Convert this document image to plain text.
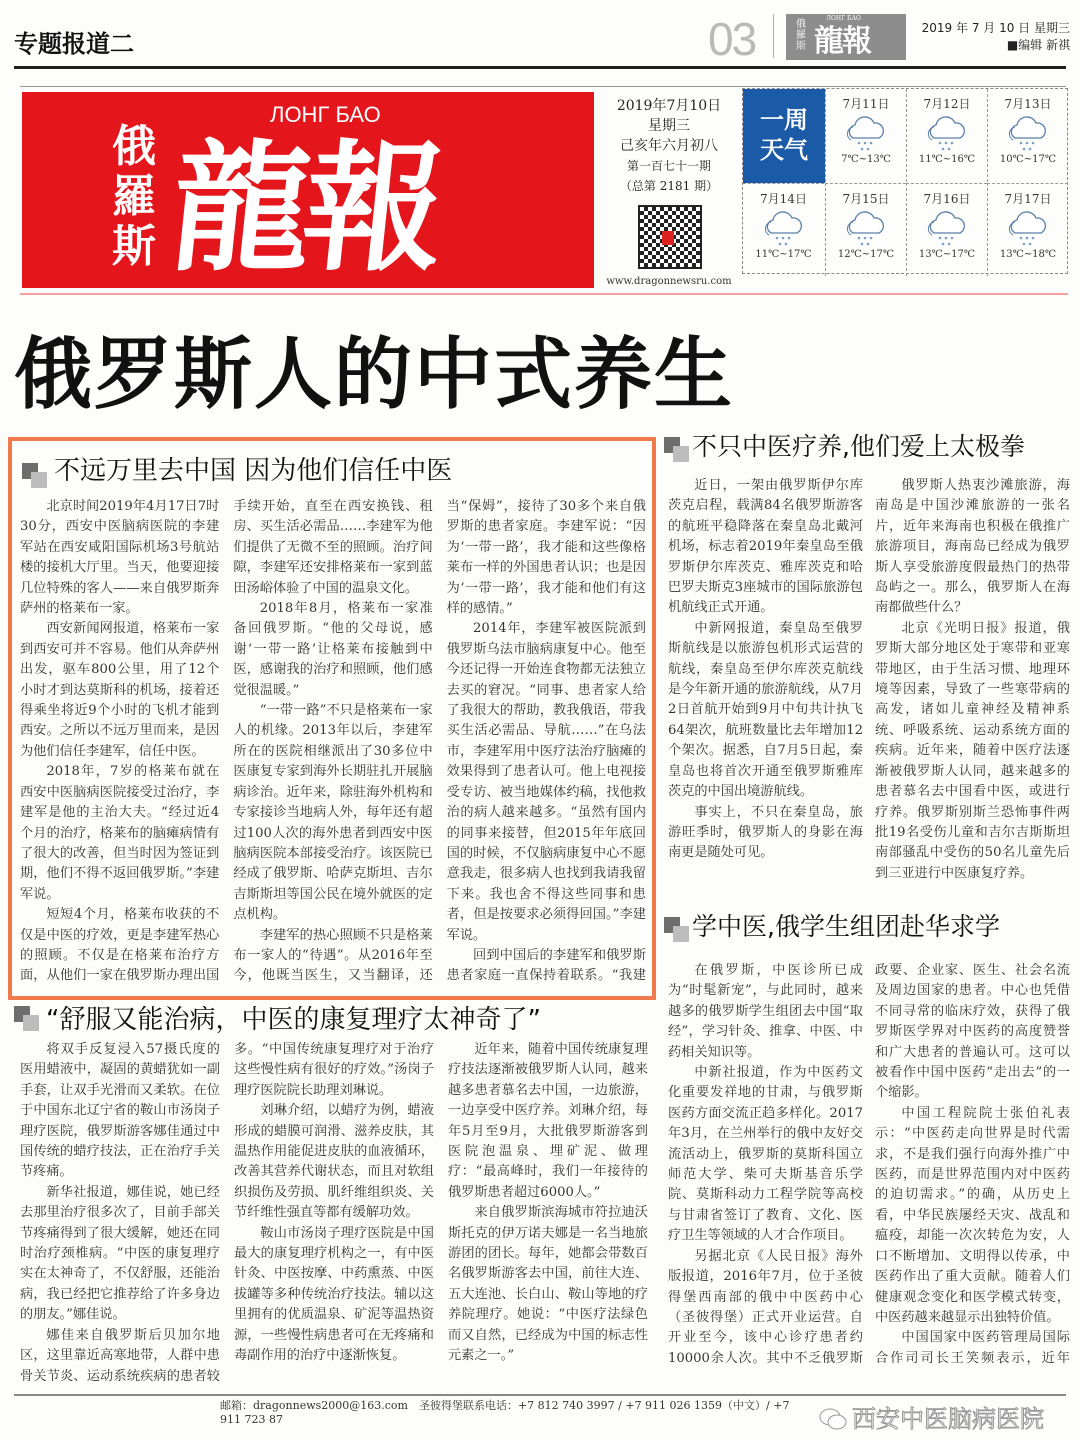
专题报道二	03	俄羅斯
ЛОНГ БАО
龍報	2019 年 7 月 10 日 星期三
■编辑 新祺
俄羅斯 龍報
ЛОНГ БАО	2019年7月10日
星期三
己亥年六月初八
第一百七十一期
（总第 2181 期）
www.dragonnewsru.com
一周
天气
7月11日
7℃~13℃
7月12日
11℃~16℃
7月13日
10℃~17℃
7月14日
11℃~17℃
7月15日
12℃~17℃
7月16日
13℃~17℃
7月17日
13℃~18℃
俄罗斯人的中式养生
不远万里去中国 因为他们信任中医

北京时间2019年4月17日7时30分，西安中医脑病医院的李建军站在西安咸阳国际机场3号航站楼的接机大厅里。当天，他要迎接几位特殊的客人——来自俄罗斯奔萨州的格莱布一家。

西安新闻网报道，格莱布一家到西安可并不容易。他们从奔萨州出发，驱车800公里，用了12个小时才到达莫斯科的机场，接着还得乘坐将近9个小时的飞机才能到西安。之所以不远万里而来，是因为他们信任李建军，信任中医。

2018年，7岁的格莱布就在西安中医脑病医院接受过治疗，李建军是他的主治大夫。“经过近4个月的治疗，格莱布的脑瘫病情有了很大的改善，但当时因为签证到期，他们不得不返回俄罗斯。”李建军说。

短短4个月，格莱布收获的不仅是中医的疗效，更是李建军热心的照顾。不仅是在格莱布治疗方面，从他们一家在俄罗斯办理出国手续开始，直至在西安换钱、租房、买生活必需品……李建军为他们提供了无微不至的照顾。治疗间隙，李建军还安排格莱布一家到蓝田汤峪体验了中国的温泉文化。

2018年8月，格莱布一家准备回俄罗斯。“他的父母说，感谢‘一带一路’让格莱布接触到中医，感谢我的治疗和照顾，他们感觉很温暖。”

“一带一路”不只是格莱布一家人的机缘。2013年以后，李建军所在的医院相继派出了30多位中医康复专家到海外长期驻扎开展脑病诊治。近年来，除驻海外机构和专家接诊当地病人外，每年还有超过100人次的海外患者到西安中医脑病医院本部接受治疗。该医院已经成了俄罗斯、哈萨克斯坦、吉尔吉斯斯坦等国公民在境外就医的定点机构。

李建军的热心照顾不只是格莱布一家人的“待遇”。从2016年至今，他既当医生，又当翻译，还当“保姆”，接待了30多个来自俄罗斯的患者家庭。李建军说：“因为‘一带一路’，我才能和这些像格莱布一样的外国患者认识；也是因为‘一带一路’，我才能和他们有这样的感情。”

2014年，李建军被医院派到俄罗斯乌法市脑病康复中心。他至今还记得一开始连食物都无法独立去买的窘况。“同事、患者家人给了我很大的帮助，教我俄语，带我买生活必需品、导航……”在乌法市，李建军用中医疗法治疗脑瘫的效果得到了患者认可。他上电视接受专访、被当地媒体约稿，找他救治的病人越来越多。“虽然有国内的同事来接替，但2015年年底回国的时候，不仅脑病康复中心不愿意我走，很多病人也找到我请我留下来。我也舍不得这些同事和患者，但是按要求必须得回国。”李建军说。

回到中国后的李建军和俄罗斯患者家庭一直保持着联系。“我建

不只中医疗养,他们爱上太极拳

近日，一架由俄罗斯伊尔库茨克启程，载满84名俄罗斯游客的航班平稳降落在秦皇岛北戴河机场，标志着2019年秦皇岛至俄罗斯伊尔库茨克、雅库茨克和哈巴罗夫斯克3座城市的国际旅游包机航线正式开通。

中新网报道，秦皇岛至俄罗斯航线是以旅游包机形式运营的航线，秦皇岛至伊尔库茨克航线是今年新开通的旅游航线，从7月2日首航开始到9月中旬共计执飞64架次，航班数量比去年增加12个架次。据悉，自7月5日起，秦皇岛也将首次开通至俄罗斯雅库茨克的中国出境游航线。

事实上，不只在秦皇岛，旅游旺季时，俄罗斯人的身影在海南更是随处可见。

俄罗斯人热衷沙滩旅游，海南岛是中国沙滩旅游的一张名片，近年来海南也积极在俄推广旅游项目，海南岛已经成为俄罗斯人享受旅游度假最热门的热带岛屿之一。那么，俄罗斯人在海南都做些什么？

北京《光明日报》报道，俄罗斯大部分地区处于寒带和亚寒带地区，由于生活习惯、地理环境等因素，导致了一些寒带病的高发，诸如儿童神经及精神系统、呼吸系统、运动系统方面的疾病。近年来，随着中医疗法逐渐被俄罗斯人认同，越来越多的患者慕名去中国看中医，或进行疗养。俄罗斯别斯兰恐怖事件两批19名受伤儿童和吉尔吉斯斯坦南部骚乱中受伤的50名儿童先后到三亚进行中医康复疗养。

学中医,俄学生组团赴华求学

在俄罗斯，中医诊所已成为“时髦新宠”，与此同时，越来越多的俄罗斯学生组团去中国“取经”，学习针灸、推拿、中医、中药相关知识等。

中新社报道，作为中医药文化重要发祥地的甘肃，与俄罗斯医药方面交流正趋多样化。2017年3月，在兰州举行的俄中友好交流活动上，俄罗斯的莫斯科国立师范大学、柴可夫斯基音乐学院、莫斯科动力工程学院等高校与甘肃省签订了教育、文化、医疗卫生等领域的人才合作项目。

另据北京《人民日报》海外版报道，2016年7月，位于圣彼得堡西南部的俄中中医药中心（圣彼得堡）正式开业运营。自开业至今，该中心诊疗患者约10000余人次。其中不乏俄罗斯政要、企业家、医生、社会名流及周边国家的患者。中心也凭借不同寻常的临床疗效，获得了俄罗斯医学界对中医药的高度赞誉和广大患者的普遍认可。这可以被看作中国中医药“走出去”的一个缩影。

中国工程院院士张伯礼表示：“中医药走向世界是时代需求，不是我们强行向海外推广中医药，而是世界范围内对中医药的迫切需求。”的确，从历史上看，中华民族屡经天灾、战乱和瘟疫，却能一次次转危为安，人口不断增加、文明得以传承，中医药作出了重大贡献。随着人们健康观念变化和医学模式转变，中医药越来越显示出独特价值。

中国国家中医药管理局国际合作司司长王笑频表示，近年

“舒服又能治病，中医的康复理疗太神奇了”

将双手反复浸入57摄氏度的医用蜡液中，凝固的黄蜡犹如一副手套，让双手光滑而又柔软。在位于中国东北辽宁省的鞍山市汤岗子理疗医院，俄罗斯游客娜佳通过中国传统的蜡疗技法，正在治疗手关节疼痛。

新华社报道，娜佳说，她已经去那里治疗很多次了，目前手部关节疼痛得到了很大缓解，她还在同时治疗颈椎病。“中医的康复理疗实在太神奇了，不仅舒服，还能治病，我已经把它推荐给了许多身边的朋友。”娜佳说。

娜佳来自俄罗斯后贝加尔地区，这里靠近高寒地带，人群中患骨关节炎、运动系统疾病的患者较多。“中国传统康复理疗对于治疗这些慢性病有很好的疗效。”汤岗子理疗医院院长助理刘琳说。

刘琳介绍，以蜡疗为例，蜡液形成的蜡膜可润滑、滋养皮肤，其温热作用能促进皮肤的血液循环，改善其营养代谢状态，而且对软组织损伤及劳损、肌纤维组织炎、关节纤维性强直等都有缓解功效。

鞍山市汤岗子理疗医院是中国最大的康复理疗机构之一，有中医针灸、中医按摩、中药熏蒸、中医拔罐等多种传统治疗技法。辅以这里拥有的优质温泉、矿泥等温热资源，一些慢性病患者可在无疼痛和毒副作用的治疗中逐渐恢复。

近年来，随着中国传统康复理疗技法逐渐被俄罗斯人认同，越来越多患者慕名去中国，一边旅游，一边享受中医疗养。刘琳介绍，每年5月至9月，大批俄罗斯游客到医院泡温泉、埋矿泥、做理疗：“最高峰时，我们一年接待的俄罗斯患者超过6000人。”

来自俄罗斯滨海城市符拉迪沃斯托克的伊万诺夫娜是一名当地旅游团的团长。每年，她都会带数百名俄罗斯游客去中国，前往大连、五大连池、长白山、鞍山等地的疗养院理疗。她说：“中医疗法绿色而又自然，已经成为中国的标志性元素之一。”

邮箱：dragonnews2000@163.com　圣彼得堡联系电话：+7 812 740 3997 / +7 911 026 1359（中文）/ +7 911 723 87	西安中医脑病医院
